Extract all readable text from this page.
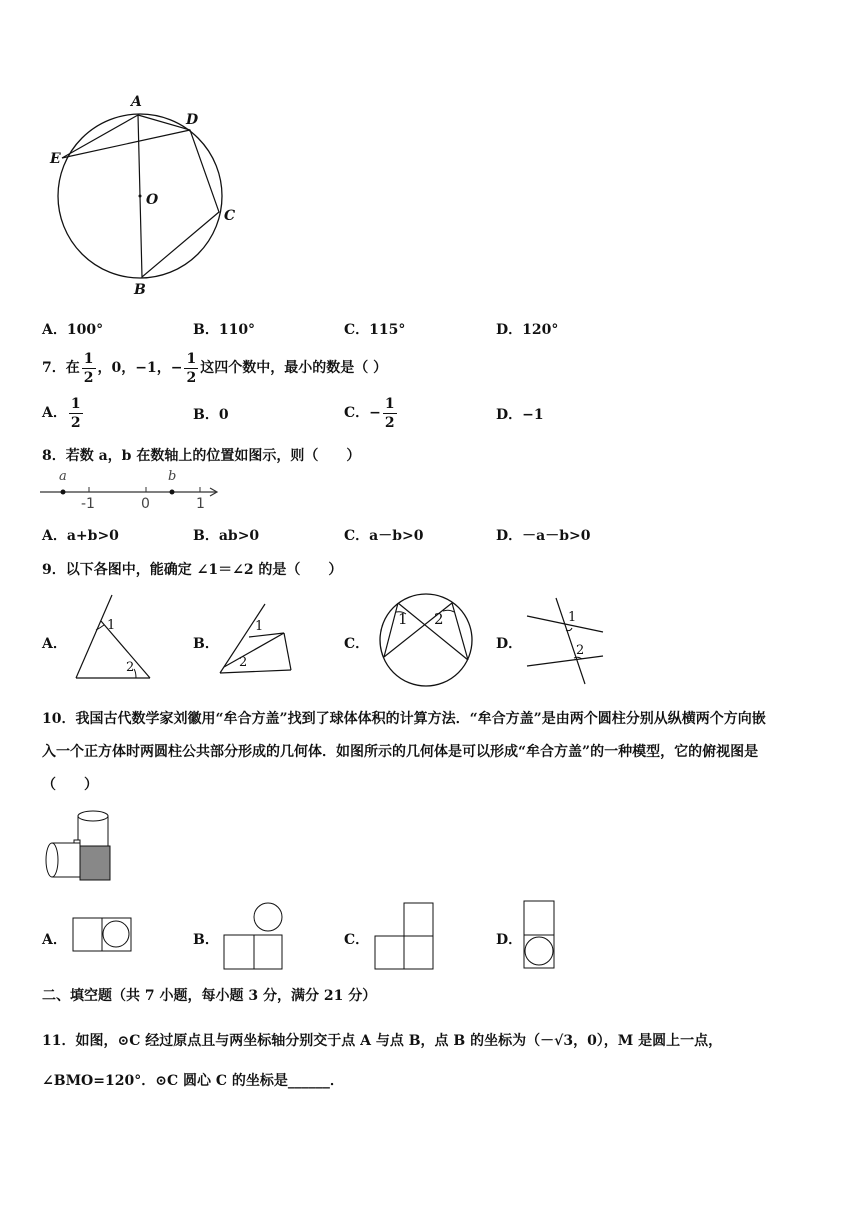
A
D
E
O
C
B
A．100°	B．110°	C．115°	D．120°
7．在 $\frac{1}{2}$ ，0，−1，− $\frac{1}{2}$ 这四个数中，最小的数是（ ）
A． $\frac{1}{2}$	B．0	C．− $\frac{1}{2}$	D．−1
8．若数 a，b 在数轴上的位置如图示，则（　　）
a	b
-1	0	1
A．a+b>0	B．ab>0	C．a－b>0	D．－a－b>0
9．以下各图中，能确定 ∠1＝∠2 的是（　　）
1
2
1
2
1 2	1
2
A．	B．	C．	D．
10．我国古代数学家刘徽用“牟合方盖”找到了球体体积的计算方法．“牟合方盖”是由两个圆柱分别从纵横两个方向嵌
入一个正方体时两圆柱公共部分形成的几何体．如图所示的几何体是可以形成“牟合方盖”的一种模型，它的俯视图是
（　　）
A．	B．	C．	D．
二、填空题（共 7 小题，每小题 3 分，满分 21 分）
11．如图，⊙C 经过原点且与两坐标轴分别交于点 A 与点 B，点 B 的坐标为（－√3，0），M 是圆上一点，
∠BMO=120°．⊙C 圆心 C 的坐标是______．
